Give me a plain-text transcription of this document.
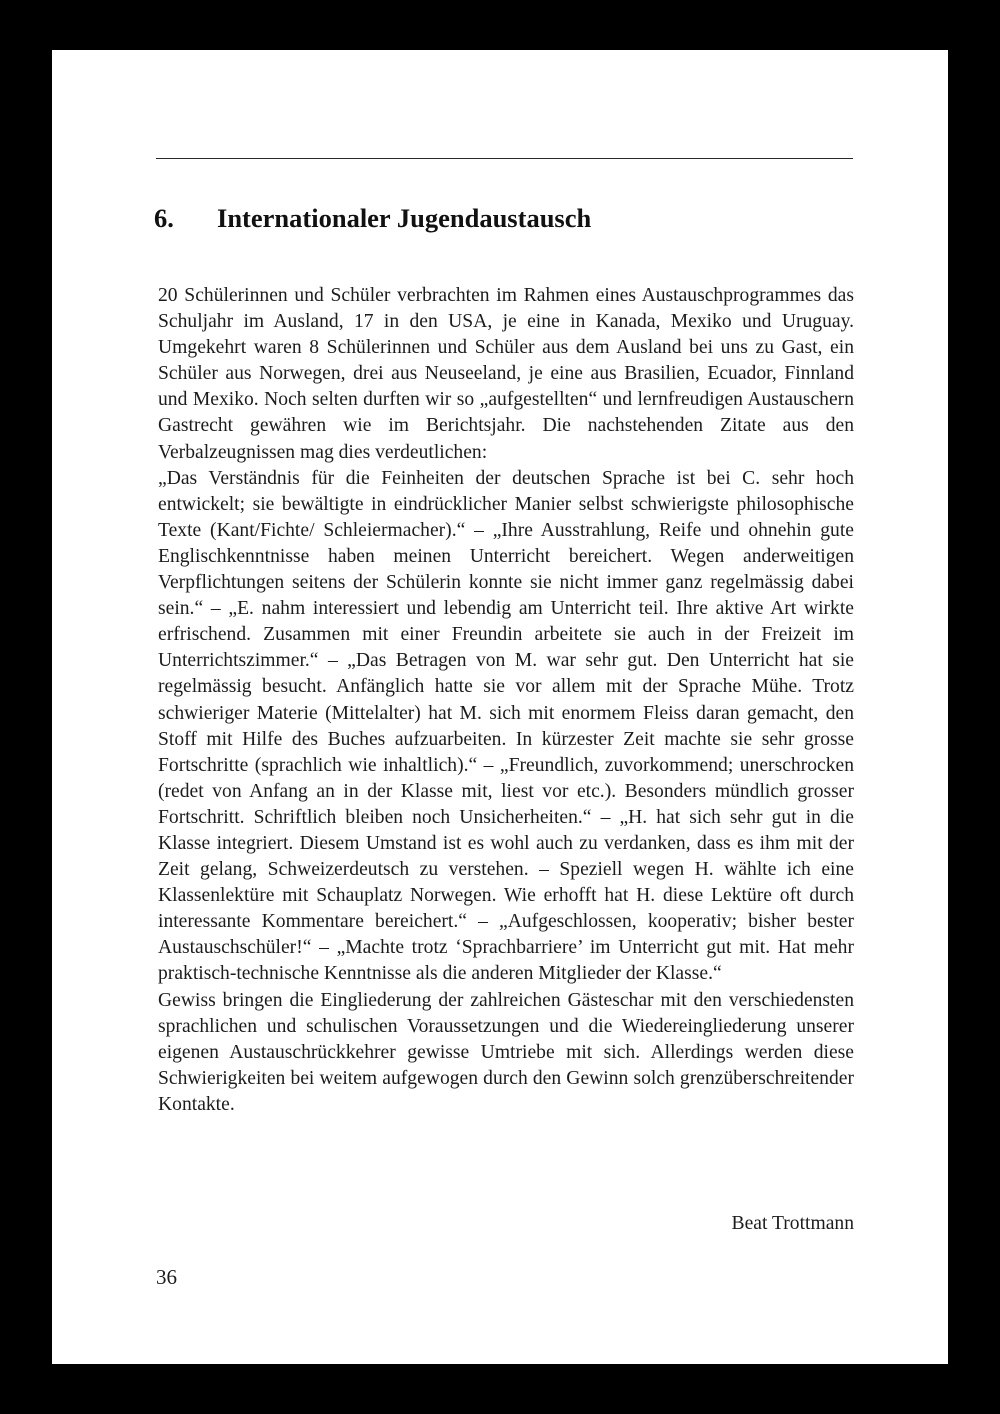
6. Internationaler Jugendaustausch

20 Schülerinnen und Schüler verbrachten im Rahmen eines Austauschprogrammes das Schuljahr im Ausland, 17 in den USA, je eine in Kanada, Mexiko und Uruguay. Umgekehrt waren 8 Schülerinnen und Schüler aus dem Ausland bei uns zu Gast, ein Schüler aus Norwegen, drei aus Neuseeland, je eine aus Brasilien, Ecuador, Finnland und Mexiko. Noch selten durften wir so „aufgestellten“ und lernfreudigen Austauschern Gastrecht gewähren wie im Berichtsjahr. Die nachstehenden Zitate aus den Verbalzeugnissen mag dies verdeutlichen:

„Das Verständnis für die Feinheiten der deutschen Sprache ist bei C. sehr hoch entwickelt; sie bewältigte in eindrücklicher Manier selbst schwierigste philosophische Texte (Kant/Fichte/ Schleiermacher).“ – „Ihre Ausstrahlung, Reife und ohnehin gute Englischkenntnisse haben meinen Unterricht bereichert. Wegen anderweitigen Verpflichtungen seitens der Schülerin konnte sie nicht immer ganz regelmässig dabei sein.“ – „E. nahm interessiert und lebendig am Unterricht teil. Ihre aktive Art wirkte erfrischend. Zusammen mit einer Freundin arbeitete sie auch in der Freizeit im Unterrichtszimmer.“ – „Das Betragen von M. war sehr gut. Den Unterricht hat sie regelmässig besucht. Anfänglich hatte sie vor allem mit der Sprache Mühe. Trotz schwieriger Materie (Mittelalter) hat M. sich mit enormem Fleiss daran gemacht, den Stoff mit Hilfe des Buches aufzuarbeiten. In kürzester Zeit machte sie sehr grosse Fortschritte (sprachlich wie inhaltlich).“ – „Freundlich, zuvorkommend; unerschrocken (redet von Anfang an in der Klasse mit, liest vor etc.). Besonders mündlich grosser Fortschritt. Schriftlich bleiben noch Unsicherheiten.“ – „H. hat sich sehr gut in die Klasse integriert. Diesem Umstand ist es wohl auch zu verdanken, dass es ihm mit der Zeit gelang, Schweizerdeutsch zu verstehen. – Speziell wegen H. wählte ich eine Klassenlektüre mit Schauplatz Norwegen. Wie erhofft hat H. diese Lektüre oft durch interessante Kommentare bereichert.“ – „Aufgeschlossen, kooperativ; bisher bester Austauschschüler!“ – „Machte trotz ‘Sprachbarriere’ im Unterricht gut mit. Hat mehr praktisch-technische Kenntnisse als die anderen Mitglieder der Klasse.“

Gewiss bringen die Eingliederung der zahlreichen Gästeschar mit den verschiedensten sprachlichen und schulischen Voraussetzungen und die Wiedereingliederung unserer eigenen Austauschrückkehrer gewisse Umtriebe mit sich. Allerdings werden diese Schwierigkeiten bei weitem aufgewogen durch den Gewinn solch grenzüberschreitender Kontakte.

Beat Trottmann
36
